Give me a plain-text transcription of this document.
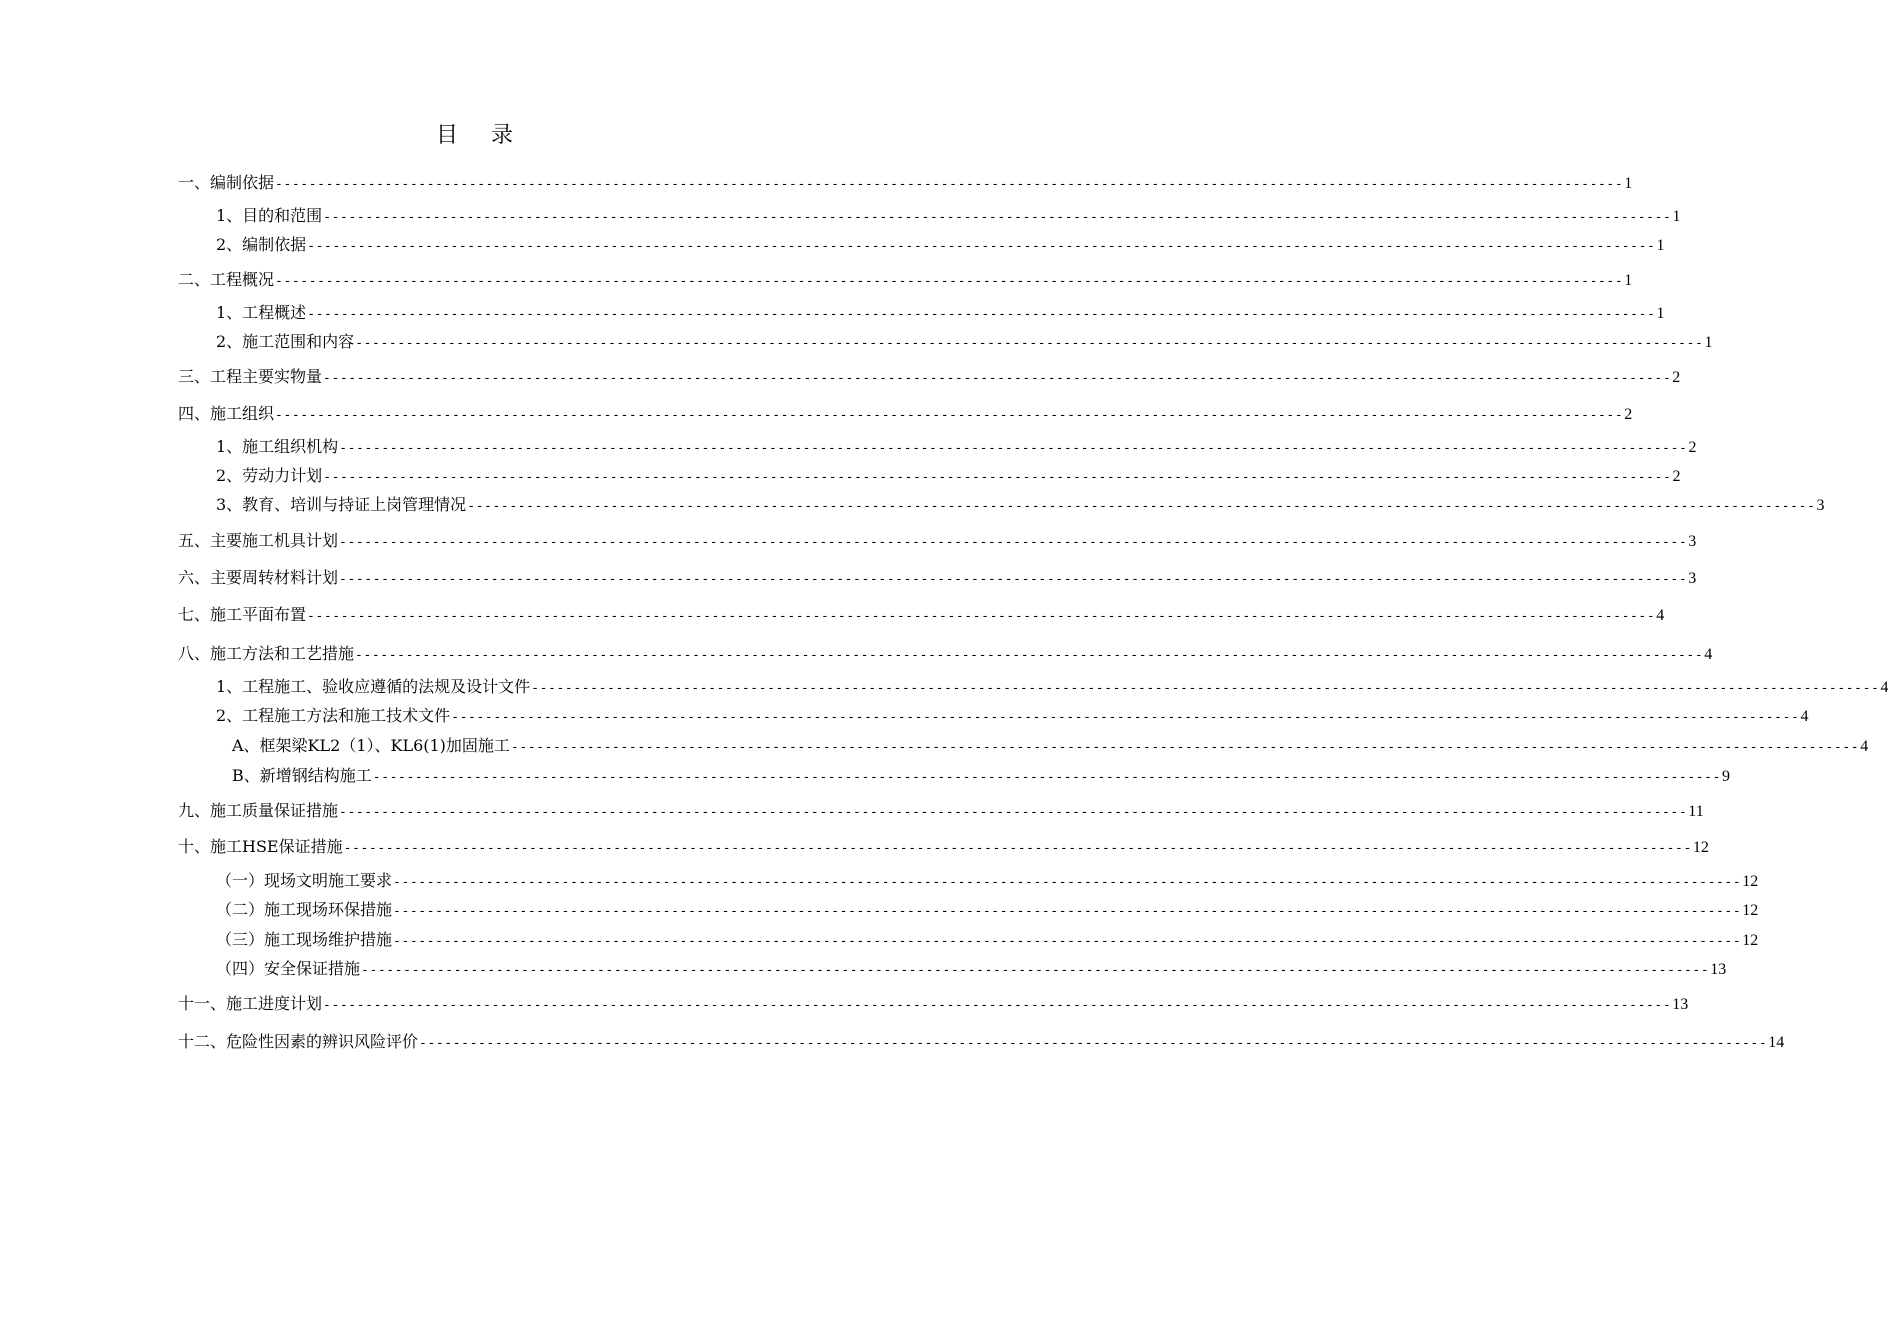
目    录
一、编制依据 ---------------------------------------------------------------------------------------------------------------------------------------------------------------- 1
1、目的和范围 ---------------------------------------------------------------------------------------------------------------------------------------------------------------- 1
2、编制依据 ---------------------------------------------------------------------------------------------------------------------------------------------------------------- 1
二、工程概况 ---------------------------------------------------------------------------------------------------------------------------------------------------------------- 1
1、工程概述 ---------------------------------------------------------------------------------------------------------------------------------------------------------------- 1
2、施工范围和内容 ---------------------------------------------------------------------------------------------------------------------------------------------------------------- 1
三、工程主要实物量 ---------------------------------------------------------------------------------------------------------------------------------------------------------------- 2
四、施工组织 ---------------------------------------------------------------------------------------------------------------------------------------------------------------- 2
1、施工组织机构 ---------------------------------------------------------------------------------------------------------------------------------------------------------------- 2
2、劳动力计划 ---------------------------------------------------------------------------------------------------------------------------------------------------------------- 2
3、教育、培训与持证上岗管理情况 ---------------------------------------------------------------------------------------------------------------------------------------------------------------- 3
五、主要施工机具计划 ---------------------------------------------------------------------------------------------------------------------------------------------------------------- 3
六、主要周转材料计划 ---------------------------------------------------------------------------------------------------------------------------------------------------------------- 3
七、施工平面布置 ---------------------------------------------------------------------------------------------------------------------------------------------------------------- 4
八、施工方法和工艺措施 ---------------------------------------------------------------------------------------------------------------------------------------------------------------- 4
1、工程施工、验收应遵循的法规及设计文件 ---------------------------------------------------------------------------------------------------------------------------------------------------------------- 4
2、工程施工方法和施工技术文件 ---------------------------------------------------------------------------------------------------------------------------------------------------------------- 4
A、框架梁KL2（1）、KL6(1)加固施工 ---------------------------------------------------------------------------------------------------------------------------------------------------------------- 4
B、新增钢结构施工 ---------------------------------------------------------------------------------------------------------------------------------------------------------------- 9
九、施工质量保证措施 ---------------------------------------------------------------------------------------------------------------------------------------------------------------- 11
十、施工HSE保证措施 ---------------------------------------------------------------------------------------------------------------------------------------------------------------- 12
（一）现场文明施工要求 ---------------------------------------------------------------------------------------------------------------------------------------------------------------- 12
（二）施工现场环保措施 ---------------------------------------------------------------------------------------------------------------------------------------------------------------- 12
（三）施工现场维护措施 ---------------------------------------------------------------------------------------------------------------------------------------------------------------- 12
（四）安全保证措施 ---------------------------------------------------------------------------------------------------------------------------------------------------------------- 13
十一、施工进度计划 ---------------------------------------------------------------------------------------------------------------------------------------------------------------- 13
十二、危险性因素的辨识风险评价 ---------------------------------------------------------------------------------------------------------------------------------------------------------------- 14
